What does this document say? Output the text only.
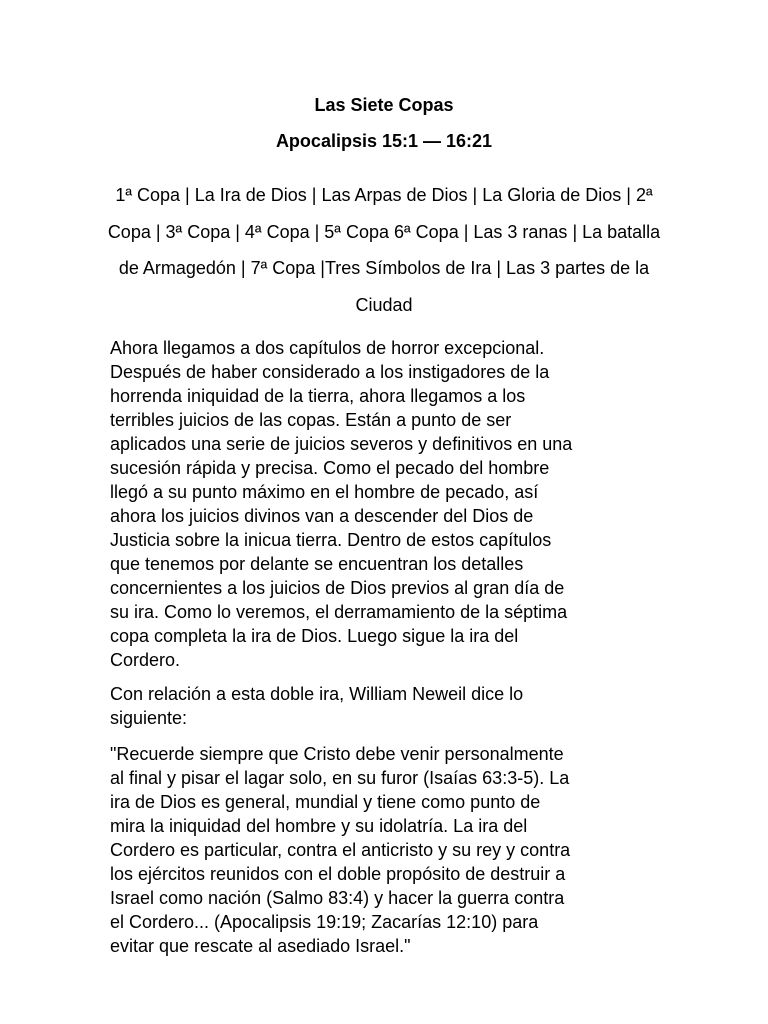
Las Siete Copas
Apocalipsis 15:1 — 16:21

1ª Copa | La Ira de Dios | Las Arpas de Dios | La Gloria de Dios | 2ª Copa | 3ª Copa | 4ª Copa | 5ª Copa 6ª Copa | Las 3 ranas | La batalla de Armagedón | 7ª Copa |Tres Símbolos de Ira | Las 3 partes de la Ciudad

Ahora llegamos a dos capítulos de horror excepcional.
Después de haber considerado a los instigadores de la
horrenda iniquidad de la tierra, ahora llegamos a los
terribles juicios de las copas. Están a punto de ser
aplicados una serie de juicios severos y definitivos en una
sucesión rápida y precisa. Como el pecado del hombre
llegó a su punto máximo en el hombre de pecado, así
ahora los juicios divinos van a descender del Dios de
Justicia sobre la inicua tierra. Dentro de estos capítulos
que tenemos por delante se encuentran los detalles
concernientes a los juicios de Dios previos al gran día de
su ira. Como lo veremos, el derramamiento de la séptima
copa completa la ira de Dios. Luego sigue la ira del
Cordero.

Con relación a esta doble ira, William Neweil dice lo
siguiente:

"Recuerde siempre que Cristo debe venir personalmente
al final y pisar el lagar solo, en su furor (Isaías 63:3-5). La
ira de Dios es general, mundial y tiene como punto de
mira la iniquidad del hombre y su idolatría. La ira del
Cordero es particular, contra el anticristo y su rey y contra
los ejércitos reunidos con el doble propósito de destruir a
Israel como nación (Salmo 83:4) y hacer la guerra contra
el Cordero... (Apocalipsis 19:19; Zacarías 12:10) para
evitar que rescate al asediado Israel."
